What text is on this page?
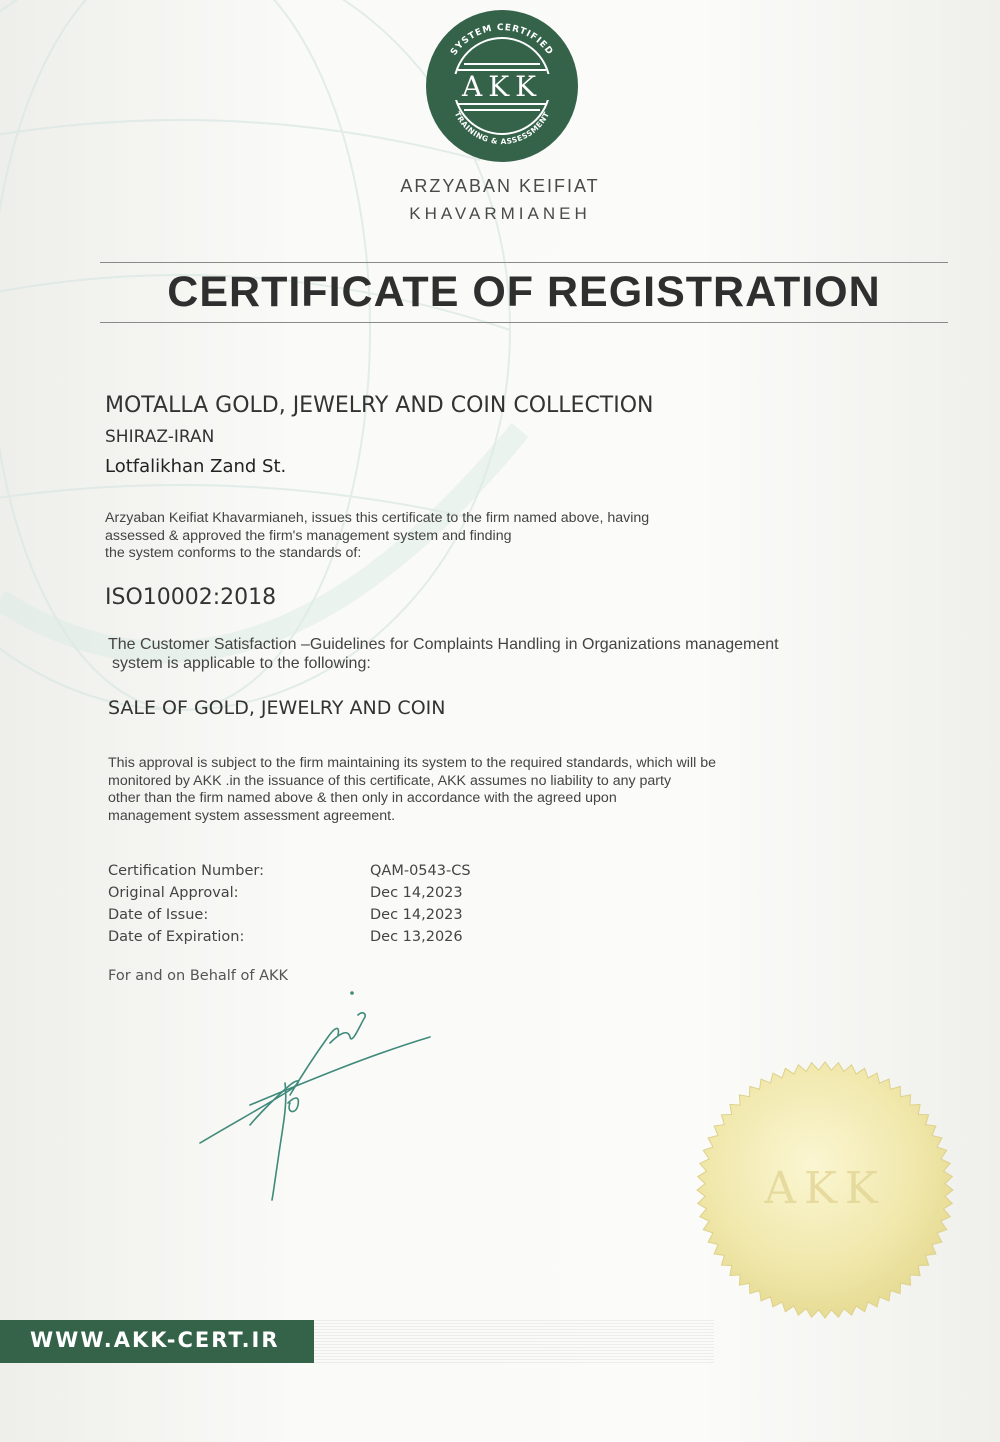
AKK
SYSTEM CERTIFIED
TRAINING & ASSESSMENT
ARZYABAN KEIFIAT
KHAVARMIANEH
CERTIFICATE OF REGISTRATION
MOTALLA GOLD, JEWELRY AND COIN COLLECTION
SHIRAZ-IRAN
Lotfalikhan Zand St.
Arzyaban Keifiat Khavarmianeh, issues this certificate to the firm named above, having
assessed & approved the firm's management system and finding
the system conforms to the standards of:
ISO10002:2018
The Customer Satisfaction –Guidelines for Complaints Handling in Organizations management
system is applicable to the following:
SALE OF GOLD, JEWELRY AND COIN
This approval is subject to the firm maintaining its system to the required standards, which will be
monitored by AKK .in the issuance of this certificate, AKK assumes no liability to any party
other than the firm named above & then only in accordance with the agreed upon
management system assessment agreement.
Certification Number:	QAM-0543-CS
Original Approval:	Dec 14,2023
Date of Issue:	Dec 14,2023
Date of Expiration:	Dec 13,2026
For and on Behalf of AKK
AKK
WWW.AKK-CERT.IR
